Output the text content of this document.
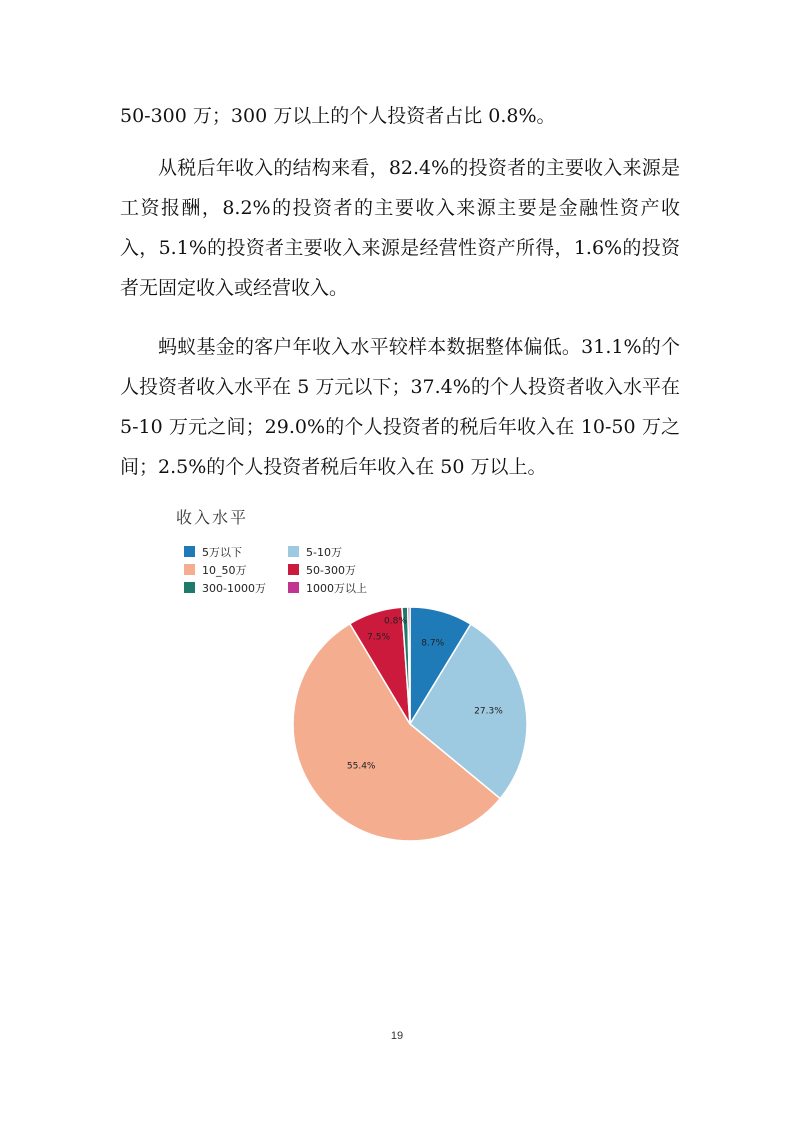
50-300 万；300 万以上的个人投资者占比 0.8%。

从税后年收入的结构来看，82.4%的投资者的主要收入来源是工资报酬，8.2%的投资者的主要收入来源主要是金融性资产收入，5.1%的投资者主要收入来源是经营性资产所得，1.6%的投资者无固定收入或经营收入。

蚂蚁基金的客户年收入水平较样本数据整体偏低。31.1%的个人投资者收入水平在 5 万元以下；37.4%的个人投资者收入水平在 5-10 万元之间；29.0%的个人投资者的税后年收入在 10-50 万之间；2.5%的个人投资者税后年收入在 50 万以上。

收入水平
5万以下	5-10万
10_50万	50-300万
300-1000万	1000万以上
8.7%
27.3%
55.4%
7.5%
0.8%
19
